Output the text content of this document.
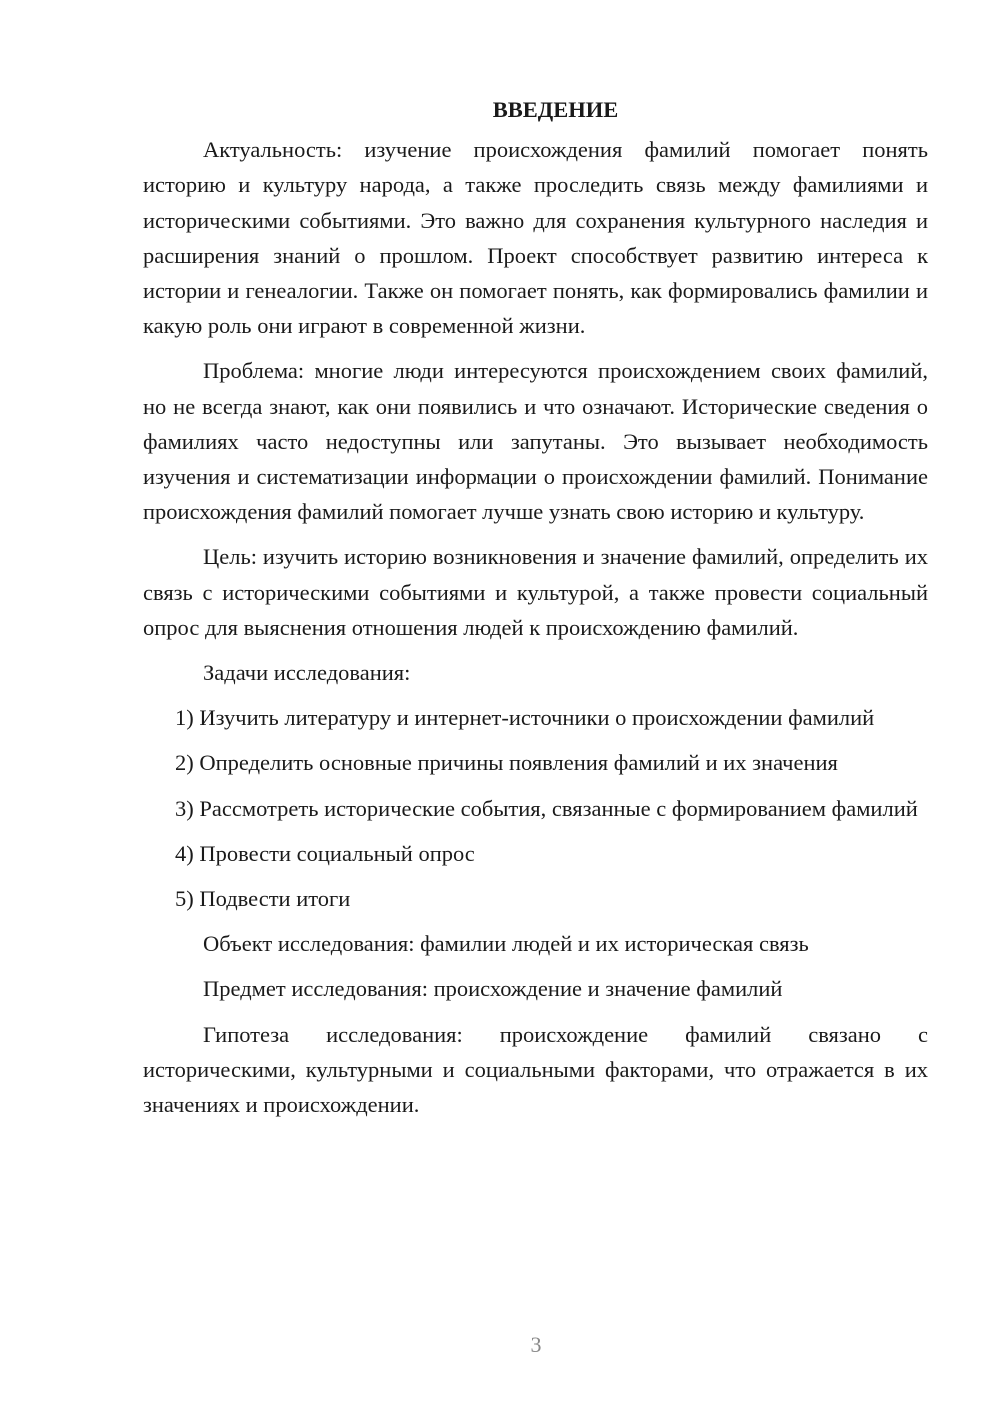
ВВЕДЕНИЕ

Актуальность: изучение происхождения фамилий помогает понять историю и культуру народа, а также проследить связь между фамилиями и историческими событиями. Это важно для сохранения культурного наследия и расширения знаний о прошлом. Проект способствует развитию интереса к истории и генеалогии. Также он помогает понять, как формировались фамилии и какую роль они играют в современной жизни.

Проблема: многие люди интересуются происхождением своих фамилий, но не всегда знают, как они появились и что означают. Исторические сведения о фамилиях часто недоступны или запутаны. Это вызывает необходимость изучения и систематизации информации о происхождении фамилий. Понимание происхождения фамилий помогает лучше узнать свою историю и культуру.

Цель: изучить историю возникновения и значение фамилий, определить их связь с историческими событиями и культурой, а также провести социальный опрос для выяснения отношения людей к происхождению фамилий.

Задачи исследования:

1) Изучить литературу и интернет-источники о происхождении фамилий

2) Определить основные причины появления фамилий и их значения

3) Рассмотреть исторические события, связанные с формированием фамилий

4) Провести социальный опрос

5) Подвести итоги

Объект исследования: фамилии людей и их историческая связь

Предмет исследования: происхождение и значение фамилий

Гипотеза исследования: происхождение фамилий связано с историческими, культурными и социальными факторами, что отражается в их значениях и происхождении.

3
